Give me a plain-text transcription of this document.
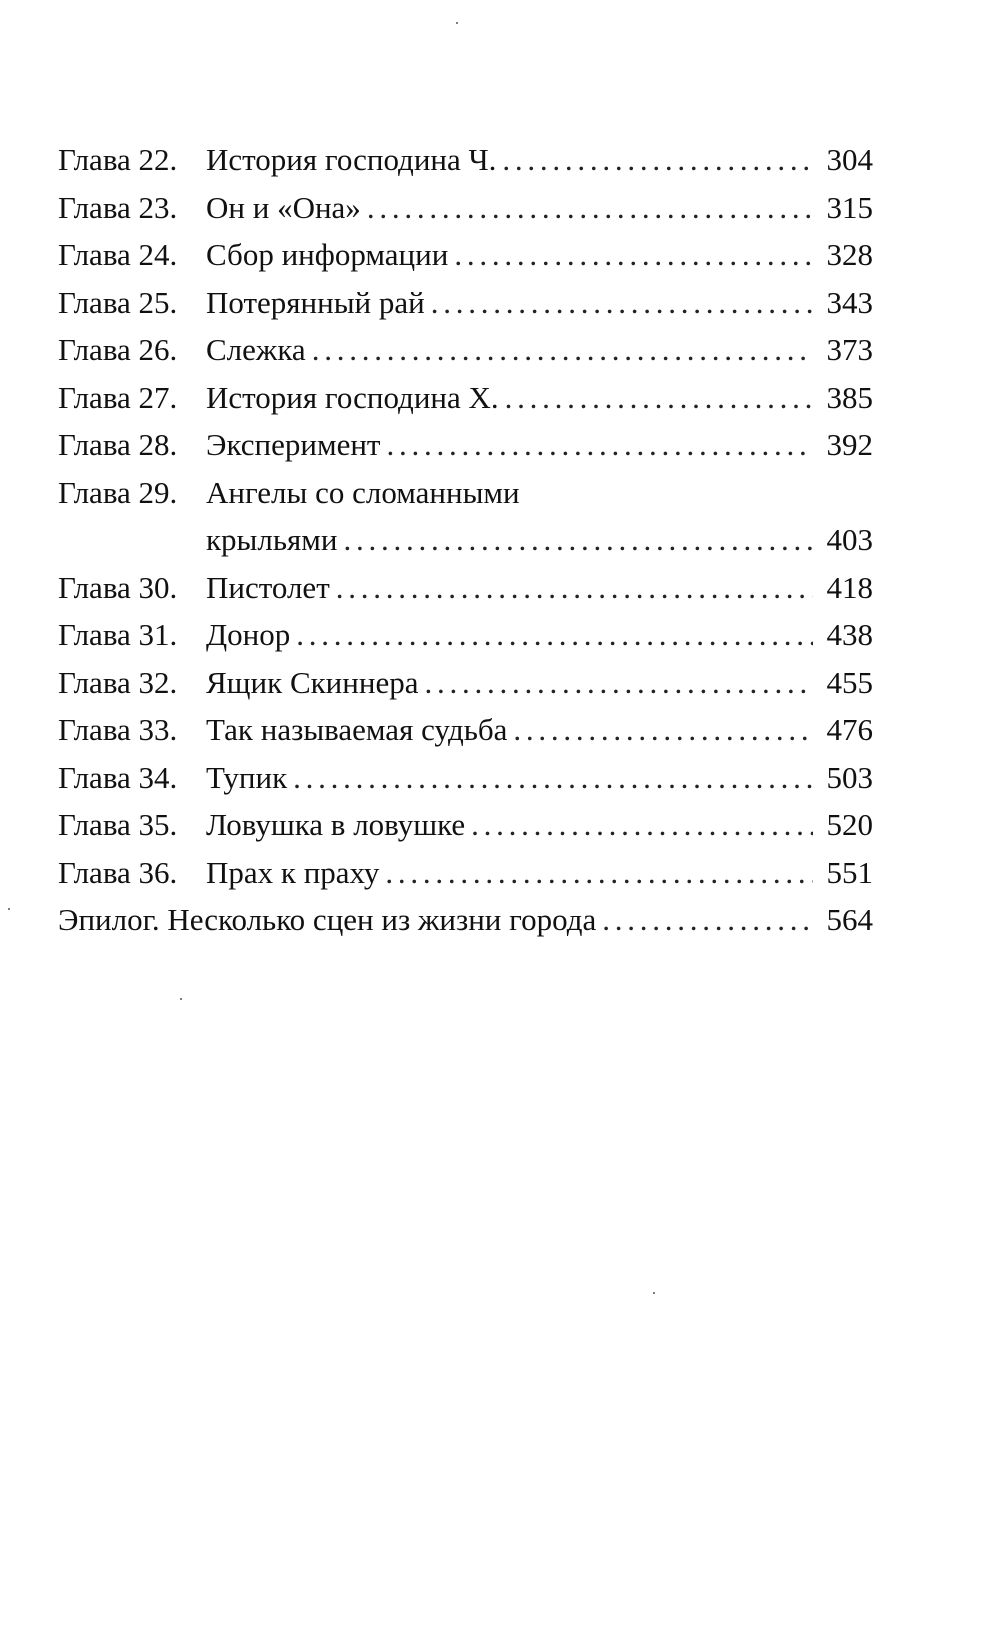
Глава 22. История господина Ч. . . .	304
Глава 23. Он и «Она» . . .	315
Глава 24. Сбор информации . . .	328
Глава 25. Потерянный рай . . .	343
Глава 26. Слежка . . .	373
Глава 27. История господина Х. . . .	385
Глава 28. Эксперимент . . .	392
Глава 29. Ангелы со сломанными
крыльями . . .	403
Глава 30. Пистолет . . .	418
Глава 31. Донор . . .	438
Глава 32. Ящик Скиннера . . .	455
Глава 33. Так называемая судьба . . .	476
Глава 34. Тупик . . .	503
Глава 35. Ловушка в ловушке . . .	520
Глава 36. Прах к праху . . .	551
Эпилог. Несколько сцен из жизни города . . .	564
